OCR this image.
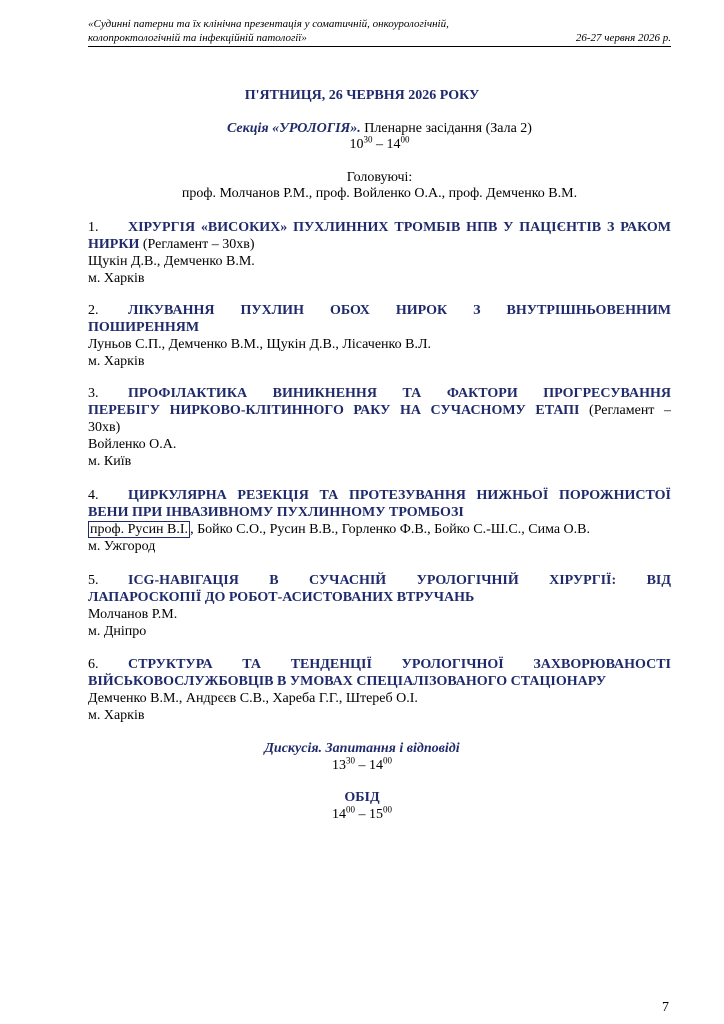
«Судинні патерни та їх клінічна презентація у соматичній, онкоурологічній,
колопроктологічній та інфекційній патології»	26-27 червня 2026 р.
П'ЯТНИЦЯ, 26 ЧЕРВНЯ 2026 РОКУ
Секція «УРОЛОГІЯ». Пленарне засідання (Зала 2)
$10^{30} - 14^{00}$
Головуючі:
проф. Молчанов Р.М., проф. Войленко О.А., проф. Демченко В.М.
1. ХІРУРГІЯ «ВИСОКИХ» ПУХЛИННИХ ТРОМБІВ НПВ У ПАЦІЄНТІВ З РАКОМ
НИРКИ (Регламент – 30хв)
Щукін Д.В., Демченко В.М.
м. Харків
2. ЛІКУВАННЯ ПУХЛИН ОБОХ НИРОК З ВНУТРІШНЬОВЕННИМ
ПОШИРЕННЯМ
Луньов С.П., Демченко В.М., Щукін Д.В., Лісаченко В.Л.
м. Харків
3. ПРОФІЛАКТИКА ВИНИКНЕННЯ ТА ФАКТОРИ ПРОГРЕСУВАННЯ
ПЕРЕБІГУ НИРКОВО-КЛІТИННОГО РАКУ НА СУЧАСНОМУ ЕТАПІ (Регламент –
30хв)
Войленко О.А.
м. Київ
4. ЦИРКУЛЯРНА РЕЗЕКЦІЯ ТА ПРОТЕЗУВАННЯ НИЖНЬОЇ ПОРОЖНИСТОЇ
ВЕНИ ПРИ ІНВАЗИВНОМУ ПУХЛИННОМУ ТРОМБОЗІ
проф. Русин В.І. , Бойко С.О., Русин В.В., Горленко Ф.В., Бойко С.-Ш.С., Сима О.В.
м. Ужгород
5. ICG-НАВІГАЦІЯ В СУЧАСНІЙ УРОЛОГІЧНІЙ ХІРУРГІЇ: ВІД
ЛАПАРОСКОПІЇ ДО РОБОТ-АСИСТОВАНИХ ВТРУЧАНЬ
Молчанов Р.М.
м. Дніпро
6. СТРУКТУРА ТА ТЕНДЕНЦІЇ УРОЛОГІЧНОЇ ЗАХВОРЮВАНОСТІ
ВІЙСЬКОВОСЛУЖБОВЦІВ В УМОВАХ СПЕЦІАЛІЗОВАНОГО СТАЦІОНАРУ
Демченко В.М., Андрєєв С.В., Хареба Г.Г., Штереб О.І.
м. Харків
Дискусія. Запитання і відповіді
$13^{30} - 14^{00}$
ОБІД
$14^{00} - 15^{00}$
7
